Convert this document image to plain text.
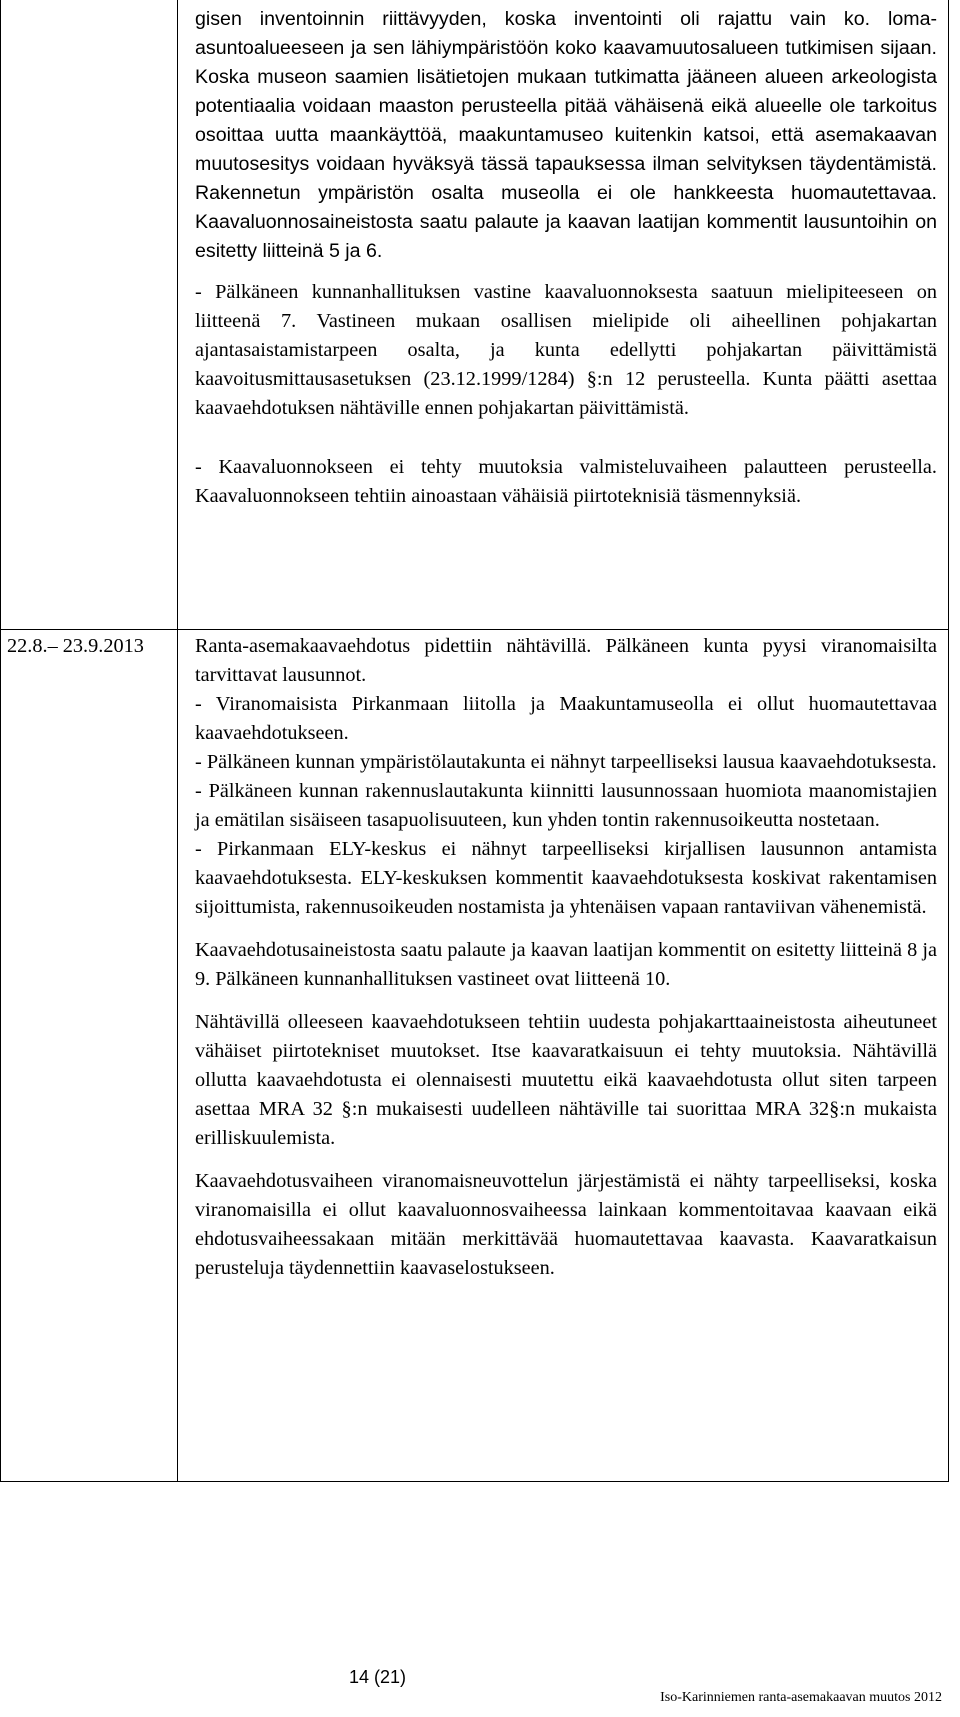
gisen inventoinnin riittävyyden, koska inventointi oli rajattu vain ko. loma-asuntoalueeseen ja sen lähiympäristöön koko kaavamuutosalueen tutkimisen sijaan. Koska museon saamien lisätietojen mukaan tutkimatta jääneen alueen arkeologista potentiaalia voidaan maaston perusteella pitää vähäisenä eikä alueelle ole tarkoitus osoittaa uutta maankäyttöä, maakuntamuseo kuitenkin katsoi, että asemakaavan muutosesitys voidaan hyväksyä tässä tapauksessa ilman selvityksen täydentämistä. Rakennetun ympäristön osalta museolla ei ole hankkeesta huomautettavaa. Kaavaluonnosaineistosta saatu palaute ja kaavan laatijan kommentit lausuntoihin on esitetty liitteinä 5 ja 6.

- Pälkäneen kunnanhallituksen vastine kaavaluonnoksesta saatuun mielipiteeseen on liitteenä 7. Vastineen mukaan osallisen mielipide oli aiheellinen pohjakartan ajantasaistamistarpeen osalta, ja kunta edellytti pohjakartan päivittämistä kaavoitusmittausasetuksen (23.12.1999/1284) §:n 12 perusteella. Kunta päätti asettaa kaavaehdotuksen nähtäville ennen pohjakartan päivittämistä.

- Kaavaluonnokseen ei tehty muutoksia valmisteluvaiheen palautteen perusteella. Kaavaluonnokseen tehtiin ainoastaan vähäisiä piirtoteknisiä täsmennyksiä.

22.8.– 23.9.2013	Ranta-asemakaavaehdotus pidettiin nähtävillä. Pälkäneen kunta pyysi viranomaisilta tarvittavat lausunnot.

- Viranomaisista Pirkanmaan liitolla ja Maakuntamuseolla ei ollut huomautettavaa kaavaehdotukseen.

- Pälkäneen kunnan ympäristölautakunta ei nähnyt tarpeelliseksi lausua kaavaehdotuksesta.

- Pälkäneen kunnan rakennuslautakunta kiinnitti lausunnossaan huomiota maanomistajien ja emätilan sisäiseen tasapuolisuuteen, kun yhden tontin rakennusoikeutta nostetaan.

- Pirkanmaan ELY-keskus ei nähnyt tarpeelliseksi kirjallisen lausunnon antamista kaavaehdotuksesta. ELY-keskuksen kommentit kaavaehdotuksesta koskivat rakentamisen sijoittumista, rakennusoikeuden nostamista ja yhtenäisen vapaan rantaviivan vähenemistä.

Kaavaehdotusaineistosta saatu palaute ja kaavan laatijan kommentit on esitetty liitteinä 8 ja 9. Pälkäneen kunnanhallituksen vastineet ovat liitteenä 10.

Nähtävillä olleeseen kaavaehdotukseen tehtiin uudesta pohjakarttaaineistosta aiheutuneet vähäiset piirtotekniset muutokset. Itse kaavaratkaisuun ei tehty muutoksia. Nähtävillä ollutta kaavaehdotusta ei olennaisesti muutettu eikä kaavaehdotusta ollut siten tarpeen asettaa MRA 32 §:n mukaisesti uudelleen nähtäville tai suorittaa MRA 32§:n mukaista erilliskuulemista.

Kaavaehdotusvaiheen viranomaisneuvottelun järjestämistä ei nähty tarpeelliseksi, koska viranomaisilla ei ollut kaavaluonnosvaiheessa lainkaan kommentoitavaa kaavaan eikä ehdotusvaiheessakaan mitään merkittävää huomautettavaa kaavasta. Kaavaratkaisun perusteluja täydennettiin kaavaselostukseen.

14 (21)
Iso-Karinniemen ranta-asemakaavan muutos 2012
